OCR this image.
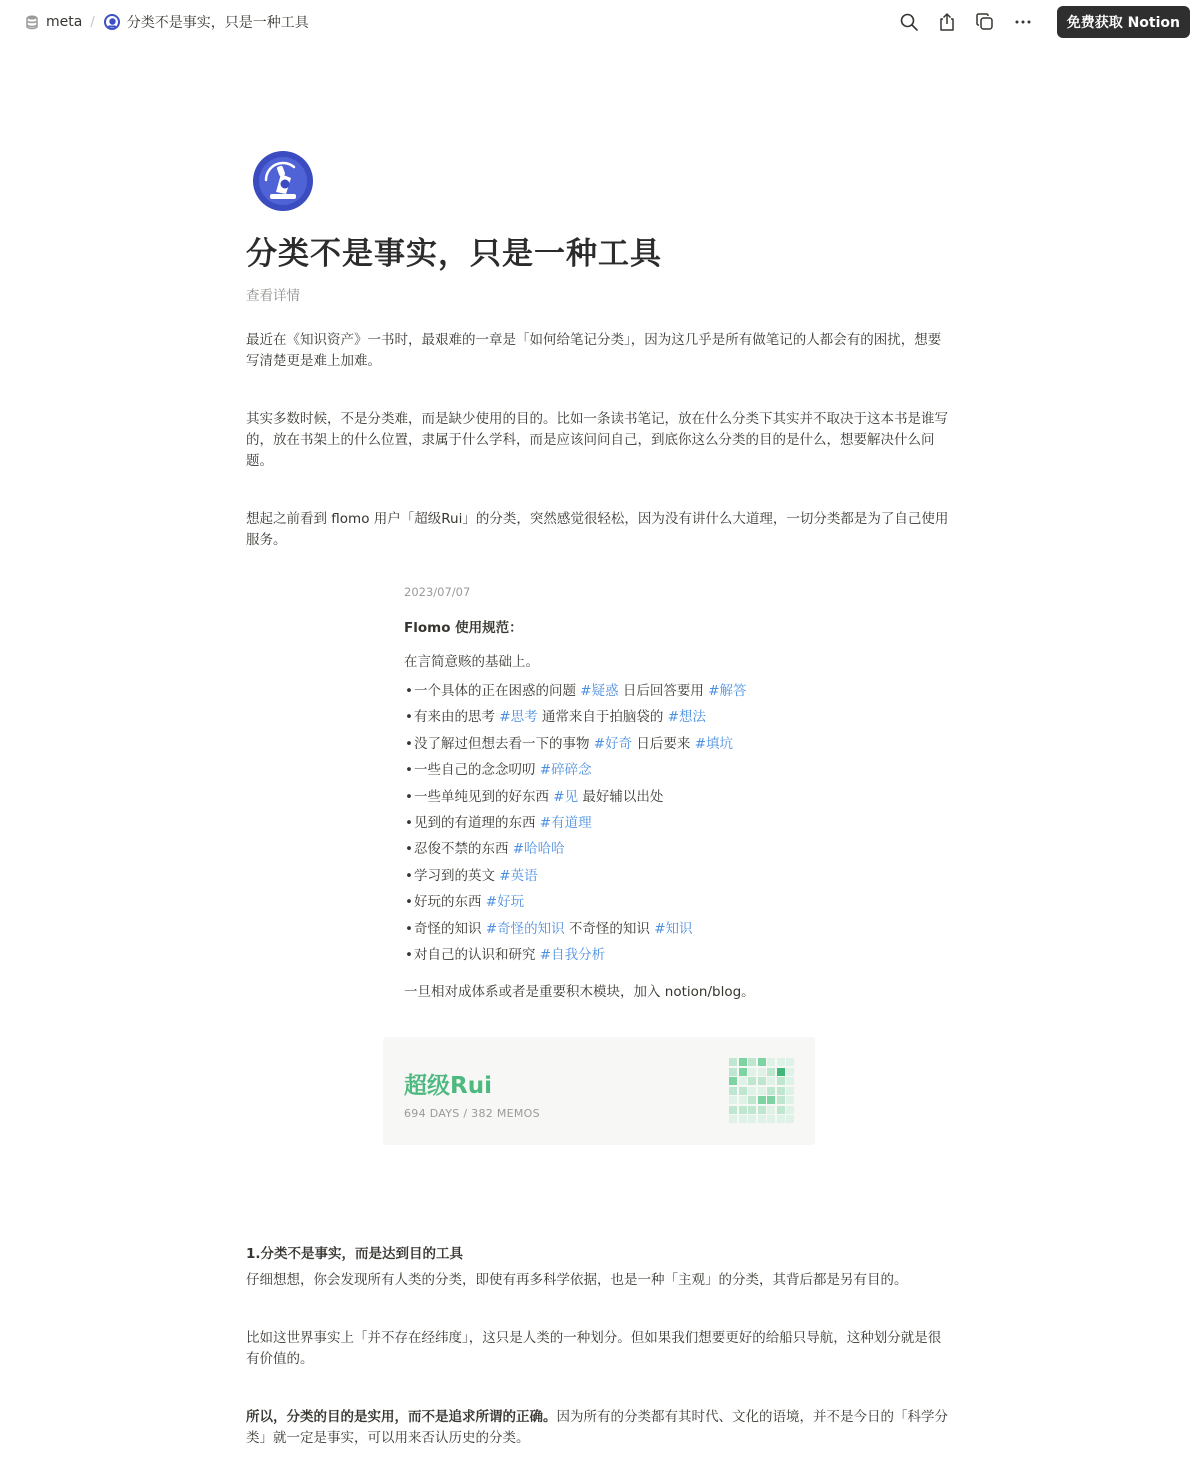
meta / 分类不是事实，只是一种工具	免费获取 Notion
分类不是事实，只是一种工具
查看详情

最近在《知识资产》一书时，最艰难的一章是「如何给笔记分类」，因为这几乎是所有做笔记的人都会有的困扰，想要写清楚更是难上加难。

其实多数时候，不是分类难，而是缺少使用的目的。比如一条读书笔记，放在什么分类下其实并不取决于这本书是谁写的，放在书架上的什么位置，隶属于什么学科，而是应该问问自己，到底你这么分类的目的是什么，想要解决什么问题。

想起之前看到 flomo 用户「超级Rui」的分类，突然感觉很轻松，因为没有讲什么大道理，一切分类都是为了自己使用服务。

2023/07/07
Flomo 使用规范：
在言简意赅的基础上。
• 一个具体的正在困惑的问题 #疑惑 日后回答要用 #解答
• 有来由的思考 #思考 通常来自于拍脑袋的 #想法
• 没了解过但想去看一下的事物 #好奇 日后要来 #填坑
• 一些自己的念念叨叨 #碎碎念
• 一些单纯见到的好东西 #见 最好辅以出处
• 见到的有道理的东西 #有道理
• 忍俊不禁的东西 #哈哈哈
• 学习到的英文 #英语
• 好玩的东西 #好玩
• 奇怪的知识 #奇怪的知识 不奇怪的知识 #知识
• 对自己的认识和研究 #自我分析
一旦相对成体系或者是重要积木模块，加入 notion/blog。
超级Rui
694 DAYS / 382 MEMOS
1.分类不是事实，而是达到目的工具

仔细想想，你会发现所有人类的分类，即使有再多科学依据，也是一种「主观」的分类，其背后都是另有目的。

比如这世界事实上「并不存在经纬度」，这只是人类的一种划分。但如果我们想要更好的给船只导航，这种划分就是很有价值的。

所以，分类的目的是实用，而不是追求所谓的正确。因为所有的分类都有其时代、文化的语境，并不是今日的「科学分类」就一定是事实，可以用来否认历史的分类。
